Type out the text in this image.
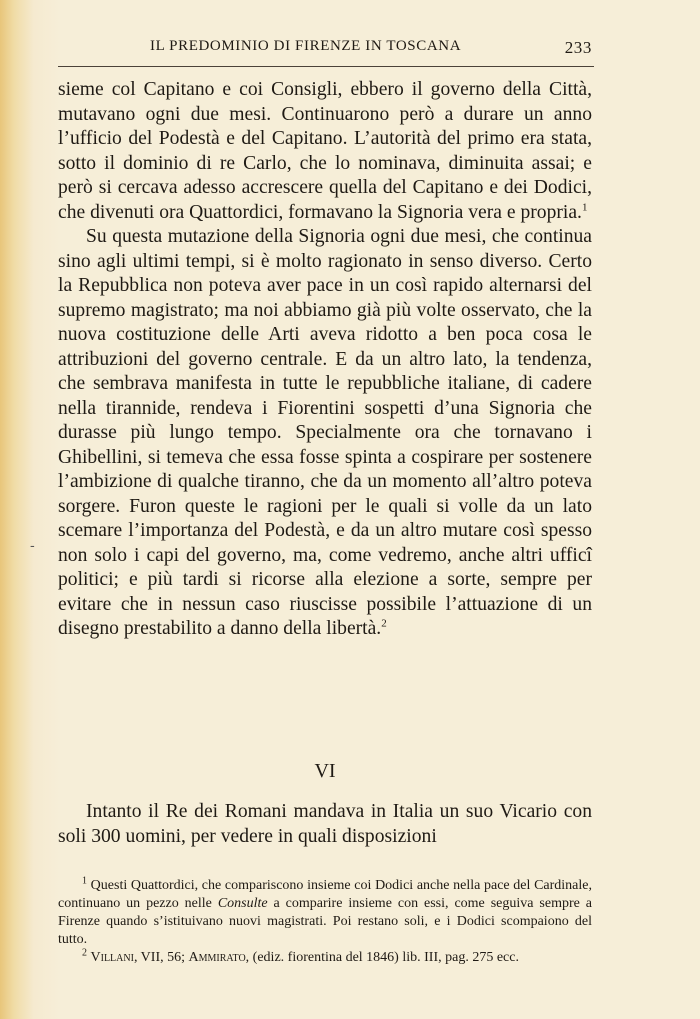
IL PREDOMINIO DI FIRENZE IN TOSCANA	233

sieme col Capitano e coi Consigli, ebbero il governo della Città, mutavano ogni due mesi. Continuarono però a durare un anno l’ufficio del Podestà e del Capitano. L’autorità del primo era stata, sotto il dominio di re Carlo, che lo nominava, diminuita assai; e però si cercava adesso accrescere quella del Capitano e dei Dodici, che divenuti ora Quattordici, formavano la Signoria vera e propria.$^1$

Su questa mutazione della Signoria ogni due mesi, che continua sino agli ultimi tempi, si è molto ragionato in senso diverso. Certo la Repubblica non poteva aver pace in un così rapido alternarsi del supremo magistrato; ma noi abbiamo già più volte osservato, che la nuova costituzione delle Arti aveva ridotto a ben poca cosa le attribuzioni del governo centrale. E da un altro lato, la tendenza, che sembrava manifesta in tutte le repubbliche italiane, di cadere nella tirannide, rendeva i Fiorentini sospetti d’una Signoria che durasse più lungo tempo. Specialmente ora che tornavano i Ghibellini, si temeva che essa fosse spinta a cospirare per sostenere l’ambizione di qualche tiranno, che da un momento all’altro poteva sorgere. Furon queste le ragioni per le quali si volle da un lato scemare l’importanza del Podestà, e da un altro mutare così spesso non solo i capi del governo, ma, come vedremo, anche altri ufficî politici; e più tardi si ricorse alla elezione a sorte, sempre per evitare che in nessun caso riuscisse possibile l’attuazione di un disegno prestabilito a danno della libertà.$^2$

-
VI

Intanto il Re dei Romani mandava in Italia un suo Vicario con soli 300 uomini, per vedere in quali disposizioni

$^1$ Questi Quattordici, che compariscono insieme coi Dodici anche nella pace del Cardinale, continuano un pezzo nelle Consulte a comparire insieme con essi, come seguiva sempre a Firenze quando s’istituivano nuovi magistrati. Poi restano soli, e i Dodici scompaiono del tutto.

$^2$ Villani, VII, 56; Ammirato, (ediz. fiorentina del 1846) lib. III, pag. 275 ecc.
